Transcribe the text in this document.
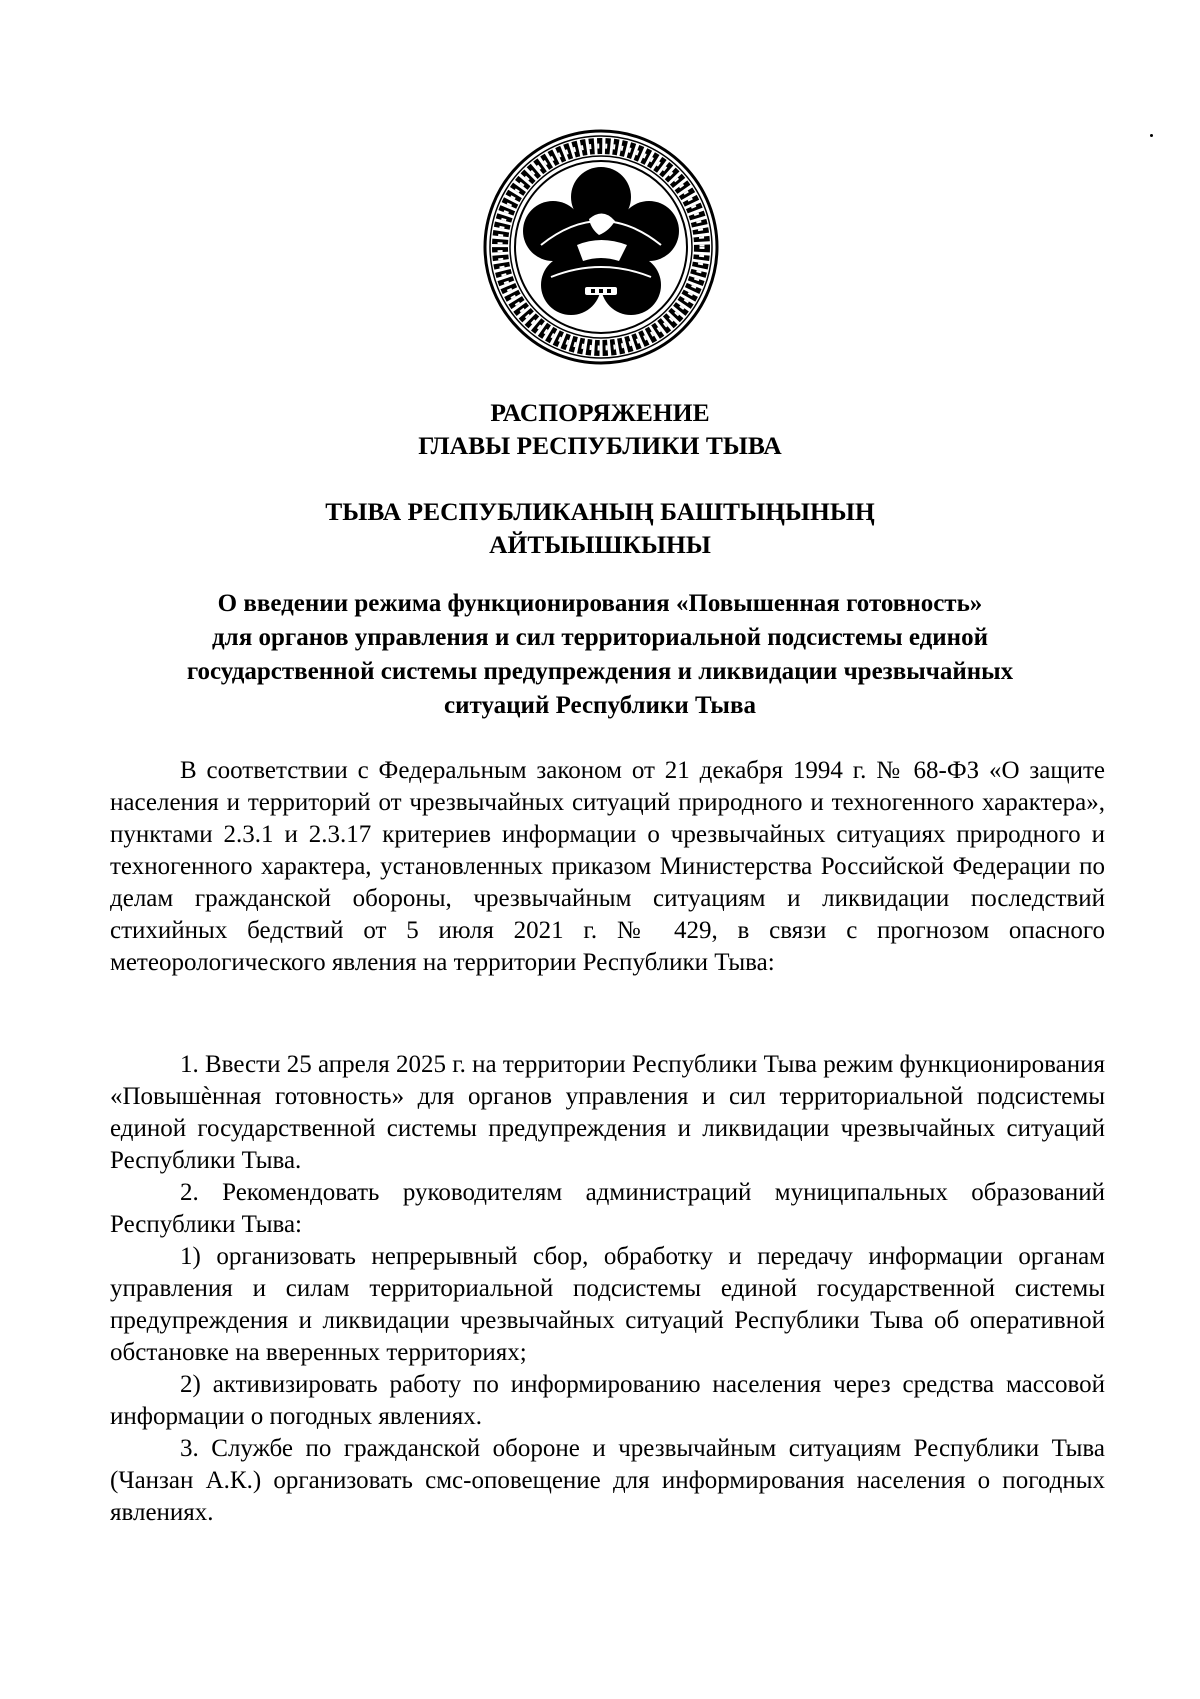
РАСПОРЯЖЕНИЕ
ГЛАВЫ РЕСПУБЛИКИ ТЫВА
ТЫВА РЕСПУБЛИКАНЫҢ БАШТЫҢЫНЫҢ
АЙТЫЫШКЫНЫ
О введении режима функционирования «Повышенная готовность»
для органов управления и сил территориальной подсистемы единой
государственной системы предупреждения и ликвидации чрезвычайных
ситуаций Республики Тыва

В соответствии с Федеральным законом от 21 декабря 1994 г. № 68-ФЗ «О защите населения и территорий от чрезвычайных ситуаций природного и техногенного характера», пунктами 2.3.1 и 2.3.17 критериев информации о чрезвычайных ситуациях природного и техногенного характера, установленных приказом Министерства Российской Федерации по делам гражданской обороны, чрезвычайным ситуациям и ликвидации последствий стихийных бедствий от 5 июля 2021 г. № 429, в связи с прогнозом опасного метеорологического явления на территории Республики Тыва:

1. Ввести 25 апреля 2025 г. на территории Республики Тыва режим функционирования «Повышѐнная готовность» для органов управления и сил территориальной подсистемы единой государственной системы предупреждения и ликвидации чрезвычайных ситуаций Республики Тыва.

2. Рекомендовать руководителям администраций муниципальных образований Республики Тыва:

1) организовать непрерывный сбор, обработку и передачу информации органам управления и силам территориальной подсистемы единой государственной системы предупреждения и ликвидации чрезвычайных ситуаций Республики Тыва об оперативной обстановке на вверенных территориях;

2) активизировать работу по информированию населения через средства массовой информации о погодных явлениях.

3. Службе по гражданской обороне и чрезвычайным ситуациям Республики Тыва (Чанзан А.К.) организовать смс-оповещение для информирования населения о погодных явлениях.
